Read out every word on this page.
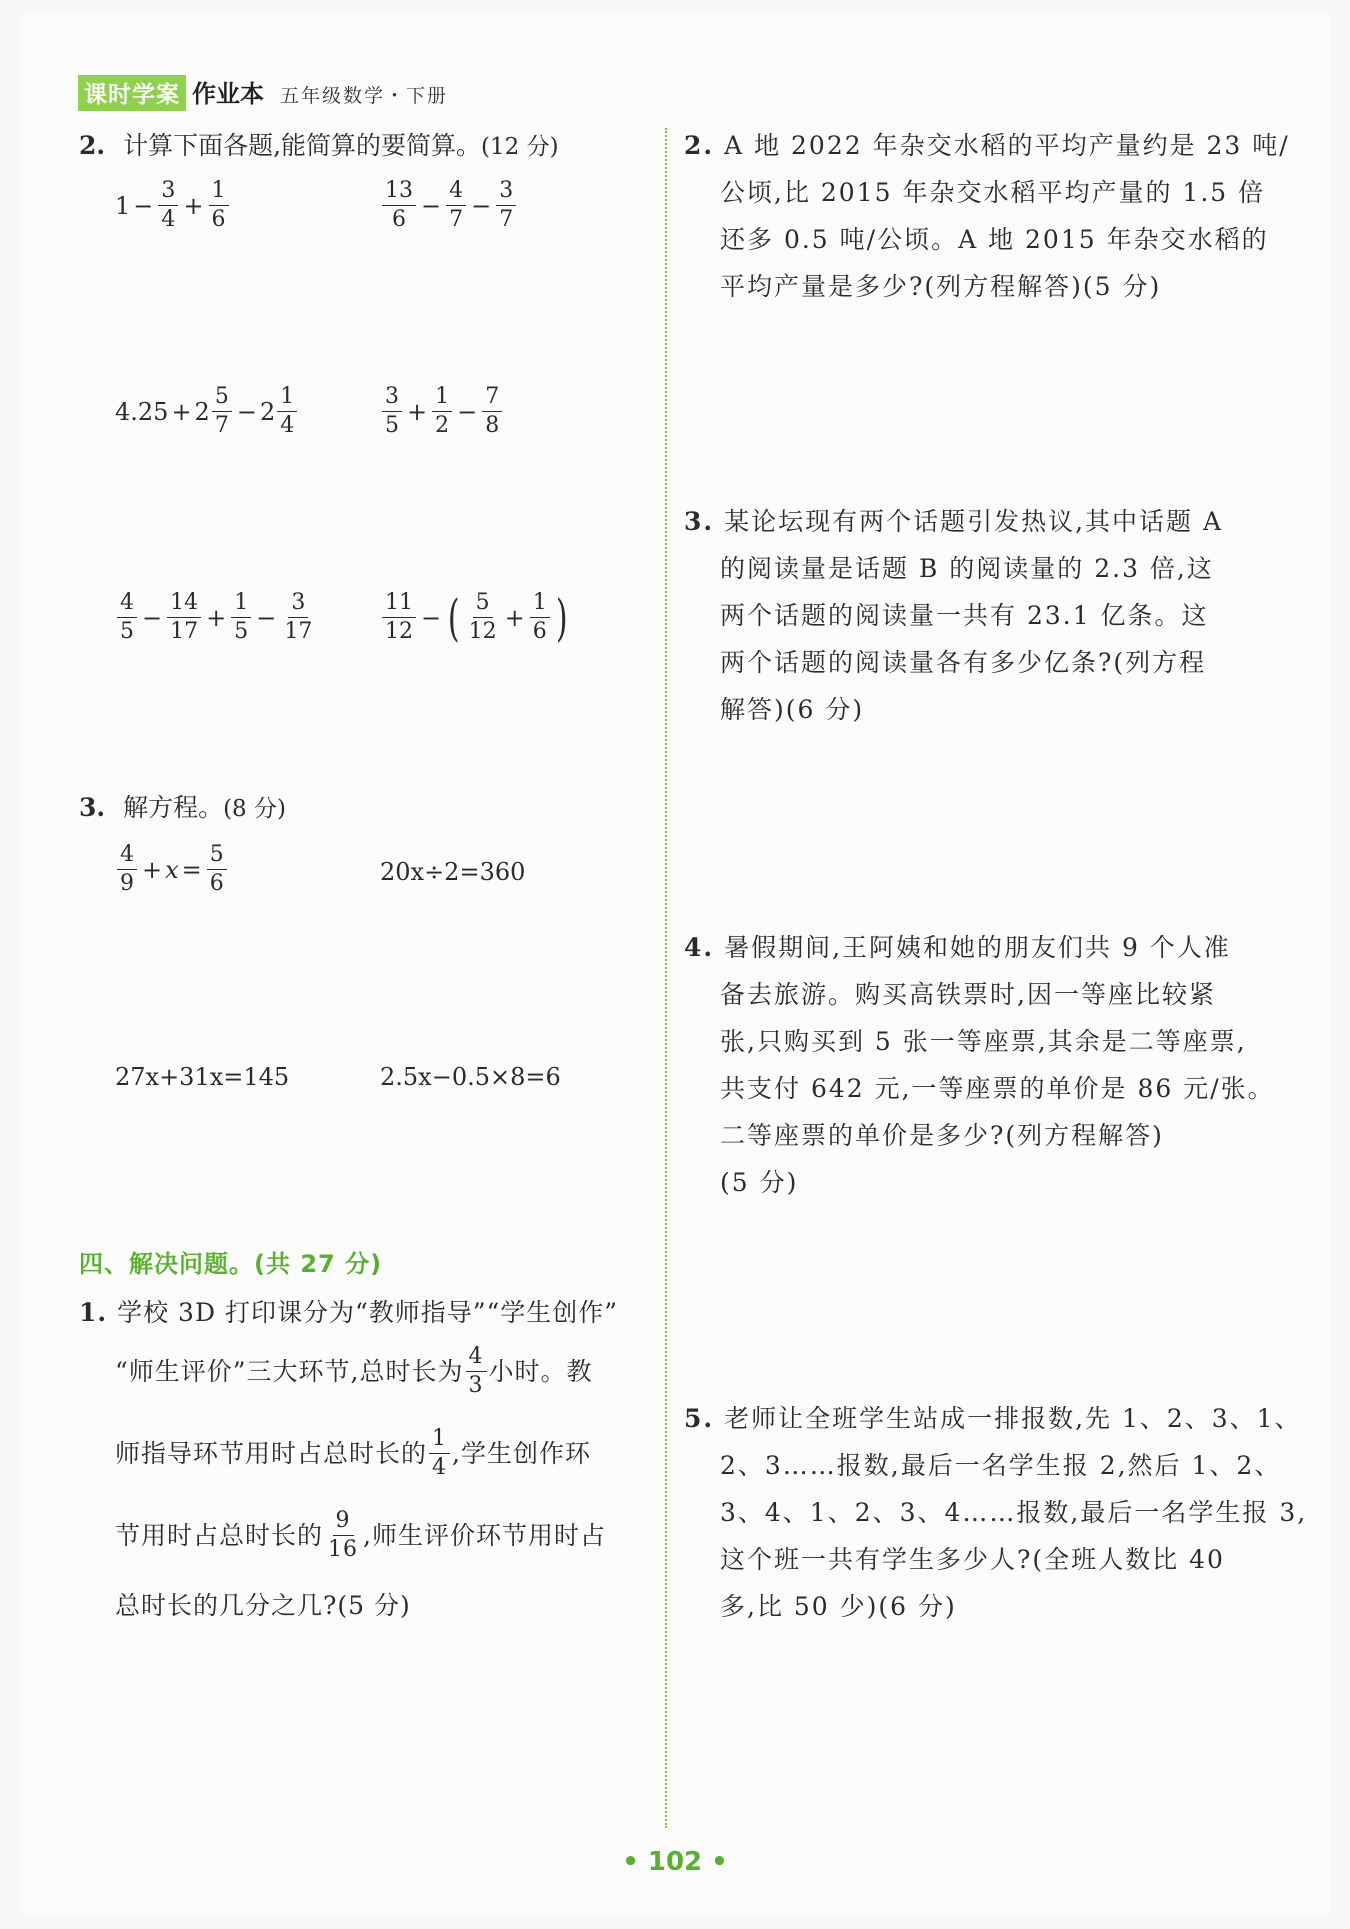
课时学案 作业本 五年级数学・下册
2. 计算下面各题,能简算的要简算。(12 分)
$1 - \frac{3}{4} + \frac{1}{6}$	$\frac{13}{6} - \frac{4}{7} - \frac{3}{7}$
$4.25 + 2 \frac{5}{7} - 2 \frac{1}{4}$	$\frac{3}{5} + \frac{1}{2} - \frac{7}{8}$
$\frac{4}{5} - \frac{14}{17} + \frac{1}{5} - \frac{3}{17}$	$\frac{11}{12}$ − ( $\frac{5}{12} + \frac{1}{6}$ )
3. 解方程。(8 分)
$\frac{4}{9} + x = \frac{5}{6}$	20x÷2=360
27x+31x=145	2.5x−0.5×8=6
四、解决问题。(共 27 分)
1. 学校 3D 打印课分为“教师指导”“学生创作”
“师生评价”三大环节,总时长为 $\frac{4}{3}$ 小时。教
师指导环节用时占总时长的 $\frac{1}{4}$ ,学生创作环
节用时占总时长的 $\frac{9}{16}$ ,师生评价环节用时占
总时长的几分之几?(5 分)
2. A 地 2022 年杂交水稻的平均产量约是 23 吨/
公顷,比 2015 年杂交水稻平均产量的 1.5 倍
还多 0.5 吨/公顷。A 地 2015 年杂交水稻的
平均产量是多少?(列方程解答)(5 分)
3. 某论坛现有两个话题引发热议,其中话题 A
的阅读量是话题 B 的阅读量的 2.3 倍,这
两个话题的阅读量一共有 23.1 亿条。这
两个话题的阅读量各有多少亿条?(列方程
解答)(6 分)
4. 暑假期间,王阿姨和她的朋友们共 9 个人准
备去旅游。购买高铁票时,因一等座比较紧
张,只购买到 5 张一等座票,其余是二等座票,
共支付 642 元,一等座票的单价是 86 元/张。
二等座票的单价是多少?(列方程解答)
(5 分)
5. 老师让全班学生站成一排报数,先 1、2、3、1、
2、3……报数,最后一名学生报 2,然后 1、2、
3、4、1、2、3、4……报数,最后一名学生报 3,
这个班一共有学生多少人?(全班人数比 40
多,比 50 少)(6 分)
• 102 •
